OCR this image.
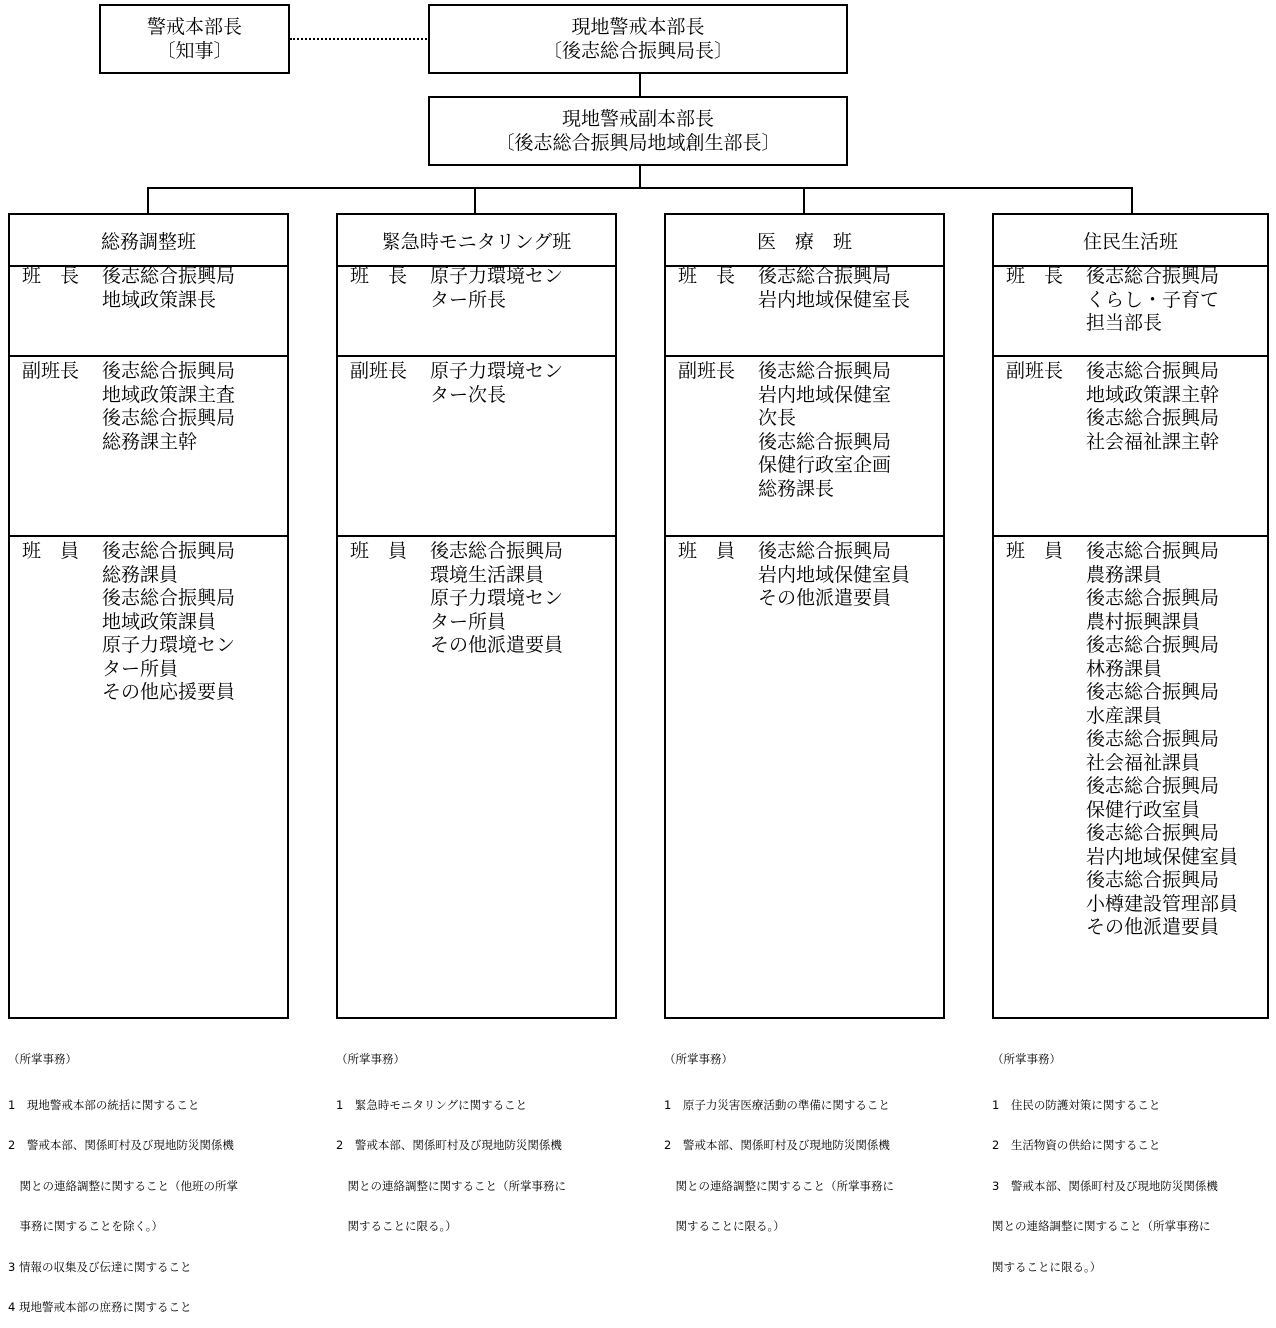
警戒本部長
〔知事〕
現地警戒本部長
〔後志総合振興局長〕
現地警戒副本部長
〔後志総合振興局地域創生部長〕
総務調整班
班　長	後志総合振興局
地域政策課長
副班長	後志総合振興局
地域政策課主査
後志総合振興局
総務課主幹
班　員	後志総合振興局
総務課員
後志総合振興局
地域政策課員
原子力環境セン
ター所員
その他応援要員
緊急時モニタリング班
班　長	原子力環境セン
ター所長
副班長	原子力環境セン
ター次長
班　員	後志総合振興局
環境生活課員
原子力環境セン
ター所員
その他派遣要員
医　療　班
班　長	後志総合振興局
岩内地域保健室長
副班長	後志総合振興局
岩内地域保健室
次長
後志総合振興局
保健行政室企画
総務課長
班　員	後志総合振興局
岩内地域保健室員
その他派遣要員
住民生活班
班　長	後志総合振興局
くらし・子育て
担当部長
副班長	後志総合振興局
地域政策課主幹
後志総合振興局
社会福祉課主幹
班　員	後志総合振興局
農務課員
後志総合振興局
農村振興課員
後志総合振興局
林務課員
後志総合振興局
水産課員
後志総合振興局
社会福祉課員
後志総合振興局
保健行政室員
後志総合振興局
岩内地域保健室員
後志総合振興局
小樽建設管理部員
その他派遣要員

（所掌事務）

1　現地警戒本部の統括に関すること

2　警戒本部、関係町村及び現地防災関係機

　関との連絡調整に関すること（他班の所掌

　事務に関することを除く。）

3 情報の収集及び伝達に関すること

4 現地警戒本部の庶務に関すること

（所掌事務）

1　緊急時モニタリングに関すること

2　警戒本部、関係町村及び現地防災関係機

　関との連絡調整に関すること（所掌事務に

　関することに限る。）

（所掌事務）

1　原子力災害医療活動の準備に関すること

2　警戒本部、関係町村及び現地防災関係機

　関との連絡調整に関すること（所掌事務に

　関することに限る。）

（所掌事務）

1　住民の防護対策に関すること

2　生活物資の供給に関すること

3　警戒本部、関係町村及び現地防災関係機

関との連絡調整に関すること（所掌事務に

関することに限る。）
